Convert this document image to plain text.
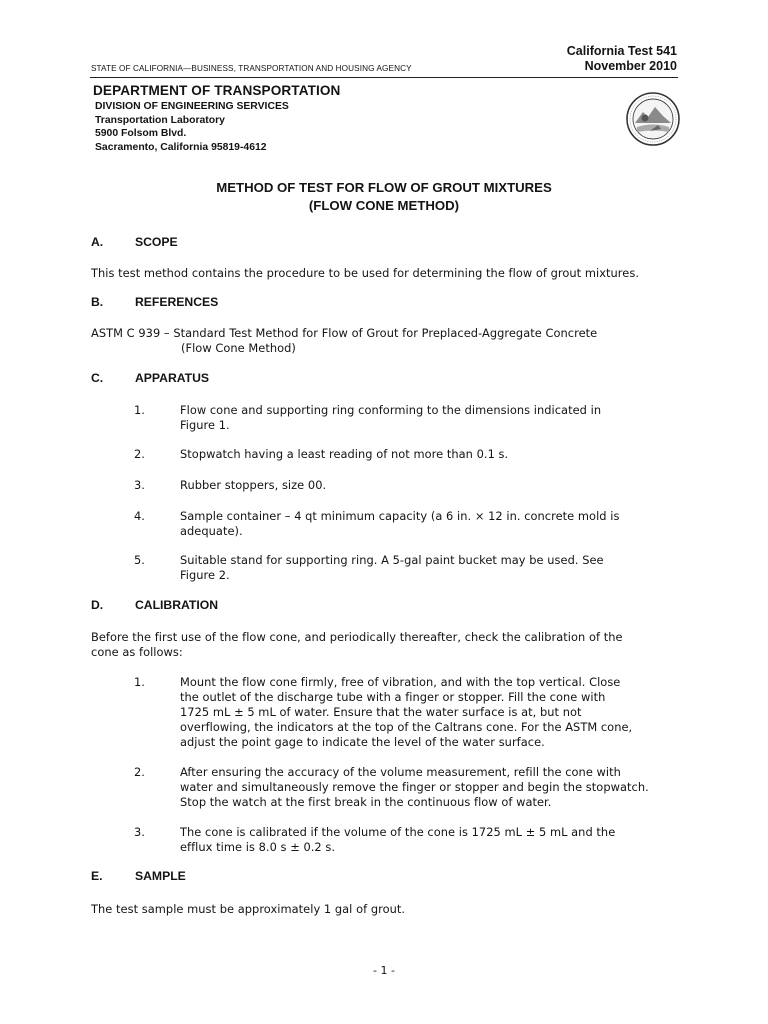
California Test 541
November 2010
STATE OF CALIFORNIA—BUSINESS, TRANSPORTATION AND HOUSING AGENCY
DEPARTMENT OF TRANSPORTATION
DIVISION OF ENGINEERING SERVICES
Transportation Laboratory
5900 Folsom Blvd.
Sacramento, California 95819-4612
METHOD OF TEST FOR FLOW OF GROUT MIXTURES
(FLOW CONE METHOD)
A.	SCOPE
This test method contains the procedure to be used for determining the flow of grout mixtures.
B.	REFERENCES
ASTM C 939 – Standard Test Method for Flow of Grout for Preplaced-Aggregate Concrete
(Flow Cone Method)
C.	APPARATUS
1.	Flow cone and supporting ring conforming to the dimensions indicated in
Figure 1.
2.	Stopwatch having a least reading of not more than 0.1 s.
3.	Rubber stoppers, size 00.
4.	Sample container – 4 qt minimum capacity (a 6 in. × 12 in. concrete mold is
adequate).
5.	Suitable stand for supporting ring. A 5-gal paint bucket may be used. See
Figure 2.
D.	CALIBRATION
Before the first use of the flow cone, and periodically thereafter, check the calibration of the
cone as follows:
1.	Mount the flow cone firmly, free of vibration, and with the top vertical. Close
the outlet of the discharge tube with a finger or stopper. Fill the cone with
1725 mL ± 5 mL of water. Ensure that the water surface is at, but not
overflowing, the indicators at the top of the Caltrans cone. For the ASTM cone,
adjust the point gage to indicate the level of the water surface.
2.	After ensuring the accuracy of the volume measurement, refill the cone with
water and simultaneously remove the finger or stopper and begin the stopwatch.
Stop the watch at the first break in the continuous flow of water.
3.	The cone is calibrated if the volume of the cone is 1725 mL ± 5 mL and the
efflux time is 8.0 s ± 0.2 s.
E.	SAMPLE
The test sample must be approximately 1 gal of grout.
- 1 -
